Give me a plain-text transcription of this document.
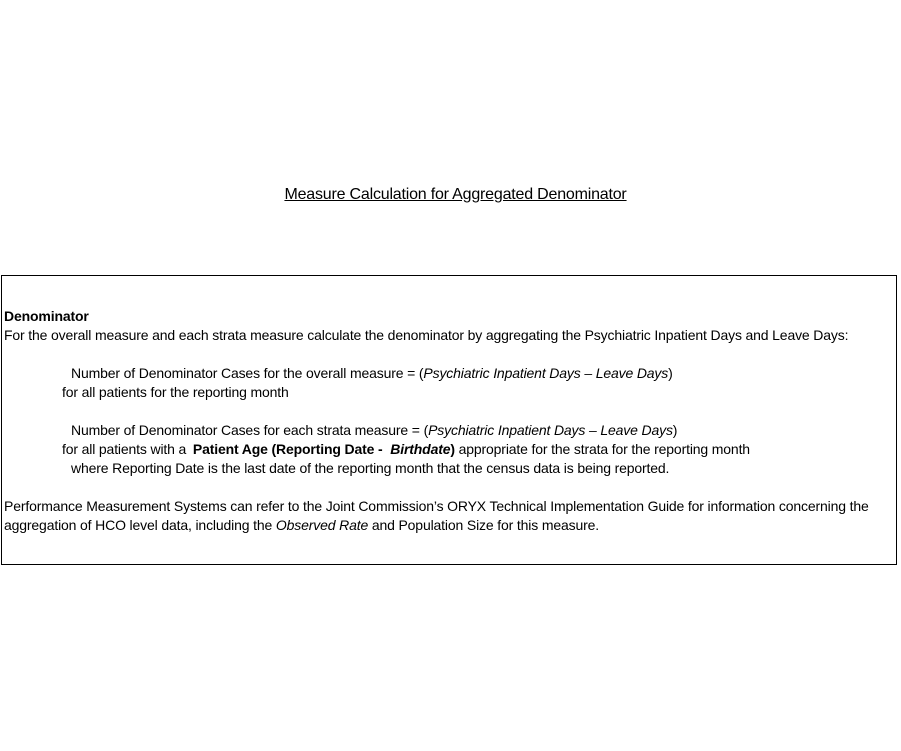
Measure Calculation for Aggregated Denominator
Denominator
For the overall measure and each strata measure calculate the denominator by aggregating the Psychiatric Inpatient Days and Leave Days:
Number of Denominator Cases for the overall measure = (Psychiatric Inpatient Days – Leave Days)
for all patients for the reporting month
Number of Denominator Cases for each strata measure = (Psychiatric Inpatient Days – Leave Days)
for all patients with a Patient Age (Reporting Date - Birthdate) appropriate for the strata for the reporting month
where Reporting Date is the last date of the reporting month that the census data is being reported.
Performance Measurement Systems can refer to the Joint Commission’s ORYX Technical Implementation Guide for information concerning the
aggregation of HCO level data, including the Observed Rate and Population Size for this measure.
